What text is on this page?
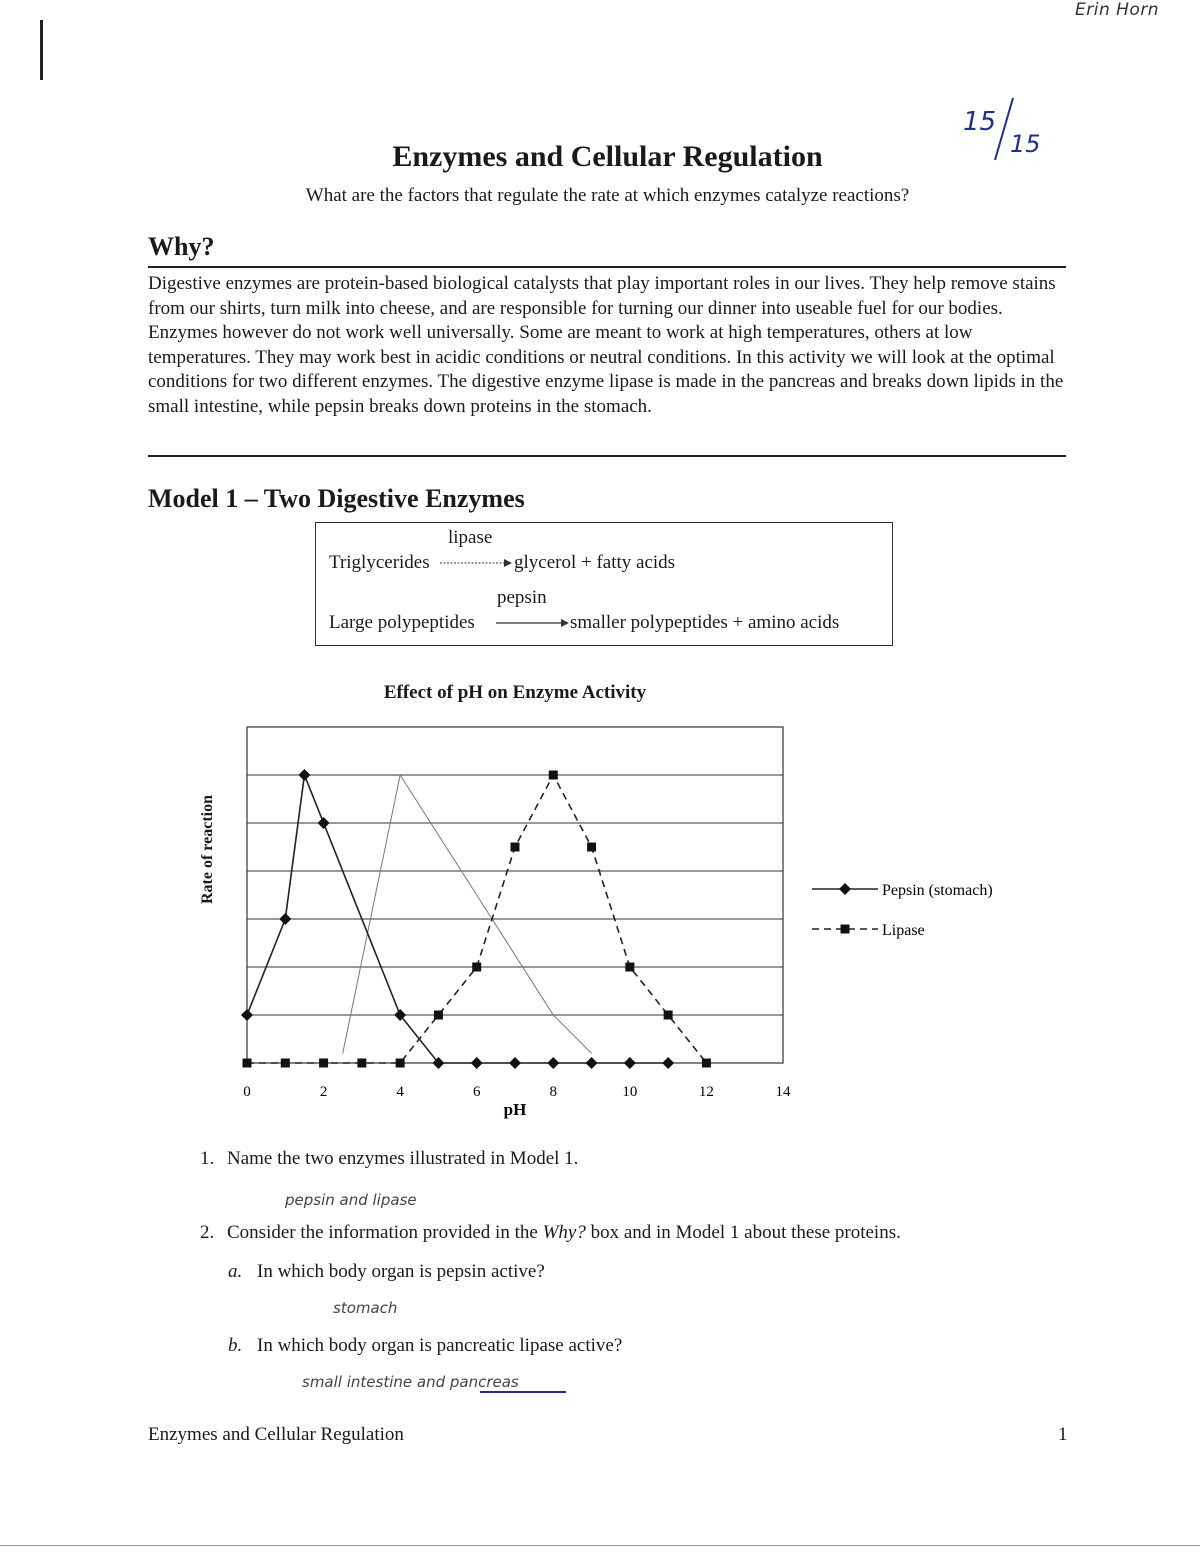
Erin Horn
15
15
Enzymes and Cellular Regulation
What are the factors that regulate the rate at which enzymes catalyze reactions?
Why?
Digestive enzymes are protein-based biological catalysts that play important roles in our lives. They help remove stains from our shirts, turn milk into cheese, and are responsible for turning our dinner into useable fuel for our bodies. Enzymes however do not work well universally. Some are meant to work at high temperatures, others at low temperatures. They may work best in acidic conditions or neutral conditions. In this activity we will look at the optimal conditions for two different enzymes. The digestive enzyme lipase is made in the pancreas and breaks down lipids in the small intestine, while pepsin breaks down proteins in the stomach.
Model 1 – Two Digestive Enzymes
lipase
Triglycerides	glycerol + fatty acids
pepsin
Large polypeptides	smaller polypeptides + amino acids
Effect of pH on Enzyme Activity
Rate of reaction
0	2	4	6	8	10	12	14
pH
Pepsin (stomach)
Lipase
1. Name the two enzymes illustrated in Model 1.
pepsin and lipase
2. Consider the information provided in the Why? box and in Model 1 about these proteins.
a. In which body organ is pepsin active?
stomach
b. In which body organ is pancreatic lipase active?
small intestine and pancreas
Enzymes and Cellular Regulation	1
